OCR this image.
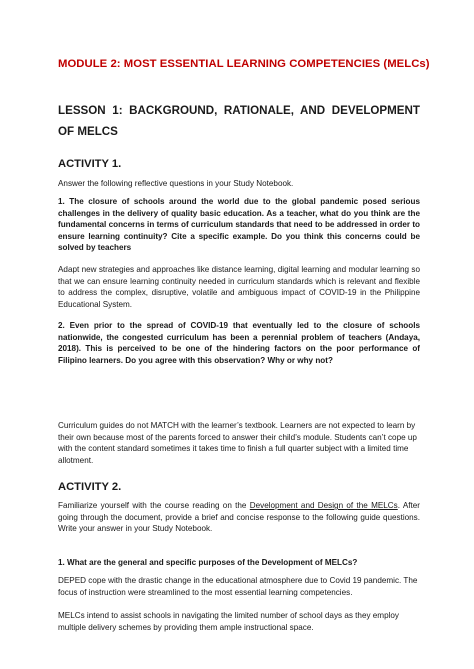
MODULE 2: MOST ESSENTIAL LEARNING COMPETENCIES (MELCs)
LESSON 1: BACKGROUND, RATIONALE, AND DEVELOPMENT OF MELCS
ACTIVITY 1.
Answer the following reflective questions in your Study Notebook.
1. The closure of schools around the world due to the global pandemic posed serious challenges in the delivery of quality basic education. As a teacher, what do you think are the fundamental concerns in terms of curriculum standards that need to be addressed in order to ensure learning continuity? Cite a specific example. Do you think this concerns could be solved by teachers
Adapt new strategies and approaches like distance learning, digital learning and modular learning so that we can ensure learning continuity needed in curriculum standards which is relevant and flexible to address the complex, disruptive, volatile and ambiguous impact of COVID-19 in the Philippine Educational System.
2. Even prior to the spread of COVID-19 that eventually led to the closure of schools nationwide, the congested curriculum has been a perennial problem of teachers (Andaya, 2018). This is perceived to be one of the hindering factors on the poor performance of Filipino learners. Do you agree with this observation? Why or why not?
Curriculum guides do not MATCH with the learner’s textbook. Learners are not expected to learn by their own because most of the parents forced to answer their child’s module. Students can’t cope up with the content standard sometimes it takes time to finish a full quarter subject with a limited time allotment.
ACTIVITY 2.
Familiarize yourself with the course reading on the Development and Design of the MELCs. After going through the document, provide a brief and concise response to the following guide questions. Write your answer in your Study Notebook.
1. What are the general and specific purposes of the Development of MELCs?
DEPED cope with the drastic change in the educational atmosphere due to Covid 19 pandemic. The focus of instruction were streamlined to the most essential learning competencies.
MELCs intend to assist schools in navigating the limited number of school days as they employ multiple delivery schemes by providing them ample instructional space.
